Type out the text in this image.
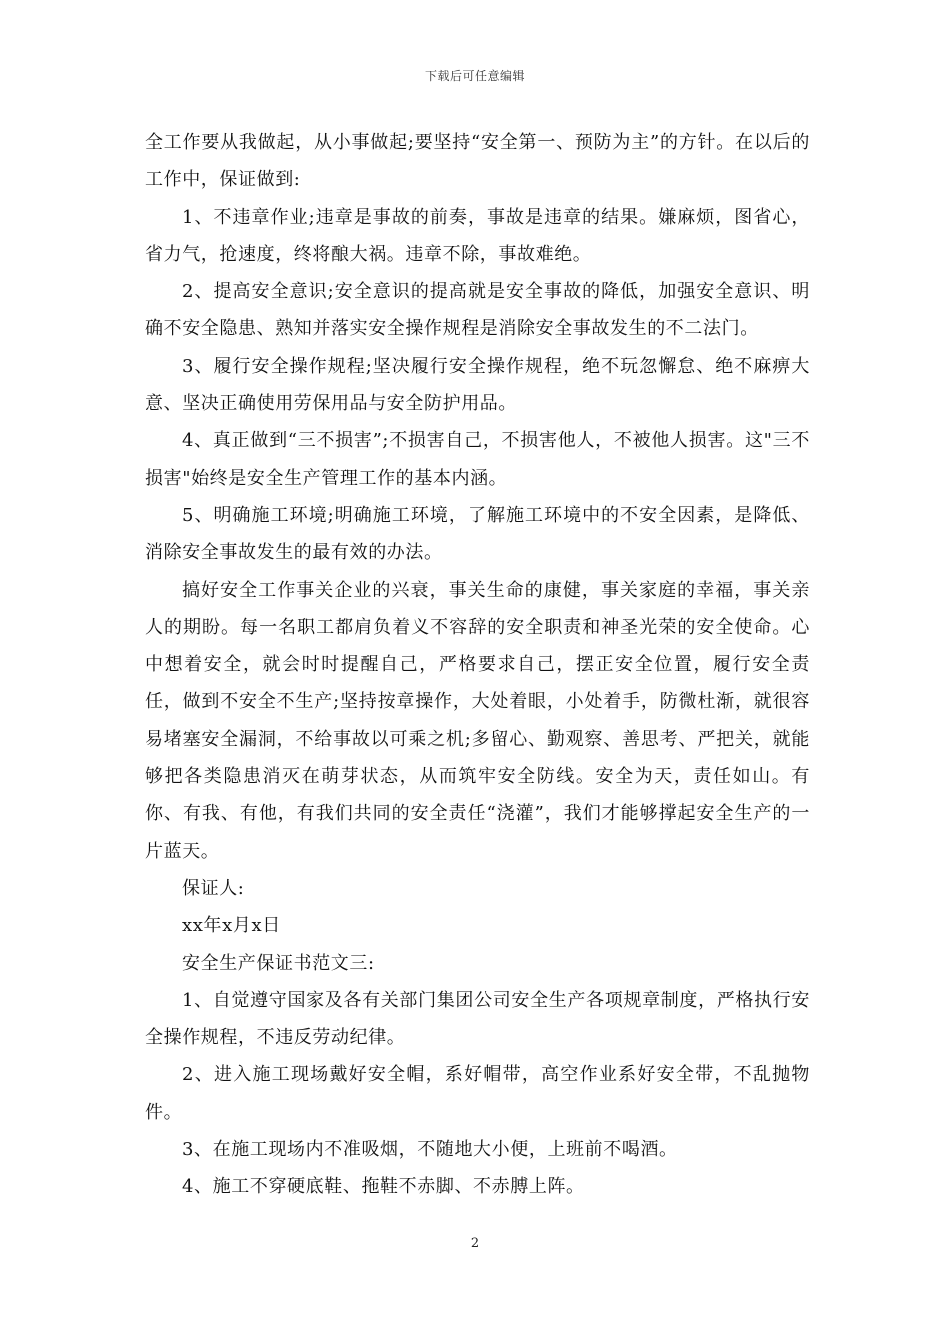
下载后可任意编辑

全工作要从我做起，从小事做起;要坚持“安全第一、预防为主”的方针。在以后的工作中，保证做到:

1、不违章作业;违章是事故的前奏，事故是违章的结果。嫌麻烦，图省心，省力气，抢速度，终将酿大祸。违章不除，事故难绝。

2、提高安全意识;安全意识的提高就是安全事故的降低，加强安全意识、明确不安全隐患、熟知并落实安全操作规程是消除安全事故发生的不二法门。

3、履行安全操作规程;坚决履行安全操作规程，绝不玩忽懈怠、绝不麻痹大意、坚决正确使用劳保用品与安全防护用品。

4、真正做到“三不损害”;不损害自己，不损害他人，不被他人损害。这"三不损害"始终是安全生产管理工作的基本内涵。

5、明确施工环境;明确施工环境，了解施工环境中的不安全因素，是降低、消除安全事故发生的最有效的办法。

搞好安全工作事关企业的兴衰，事关生命的康健，事关家庭的幸福，事关亲人的期盼。每一名职工都肩负着义不容辞的安全职责和神圣光荣的安全使命。心中想着安全，就会时时提醒自己，严格要求自己，摆正安全位置，履行安全责任，做到不安全不生产;坚持按章操作，大处着眼，小处着手，防微杜渐，就很容易堵塞安全漏洞，不给事故以可乘之机;多留心、勤观察、善思考、严把关，就能够把各类隐患消灭在萌芽状态，从而筑牢安全防线。安全为天，责任如山。有你、有我、有他，有我们共同的安全责任“浇灌”，我们才能够撑起安全生产的一片蓝天。

保证人:

xx年x月x日

安全生产保证书范文三:

1、自觉遵守国家及各有关部门集团公司安全生产各项规章制度，严格执行安全操作规程，不违反劳动纪律。

2、进入施工现场戴好安全帽，系好帽带，高空作业系好安全带，不乱抛物件。

3、在施工现场内不准吸烟，不随地大小便，上班前不喝酒。

4、施工不穿硬底鞋、拖鞋不赤脚、不赤膊上阵。

2
